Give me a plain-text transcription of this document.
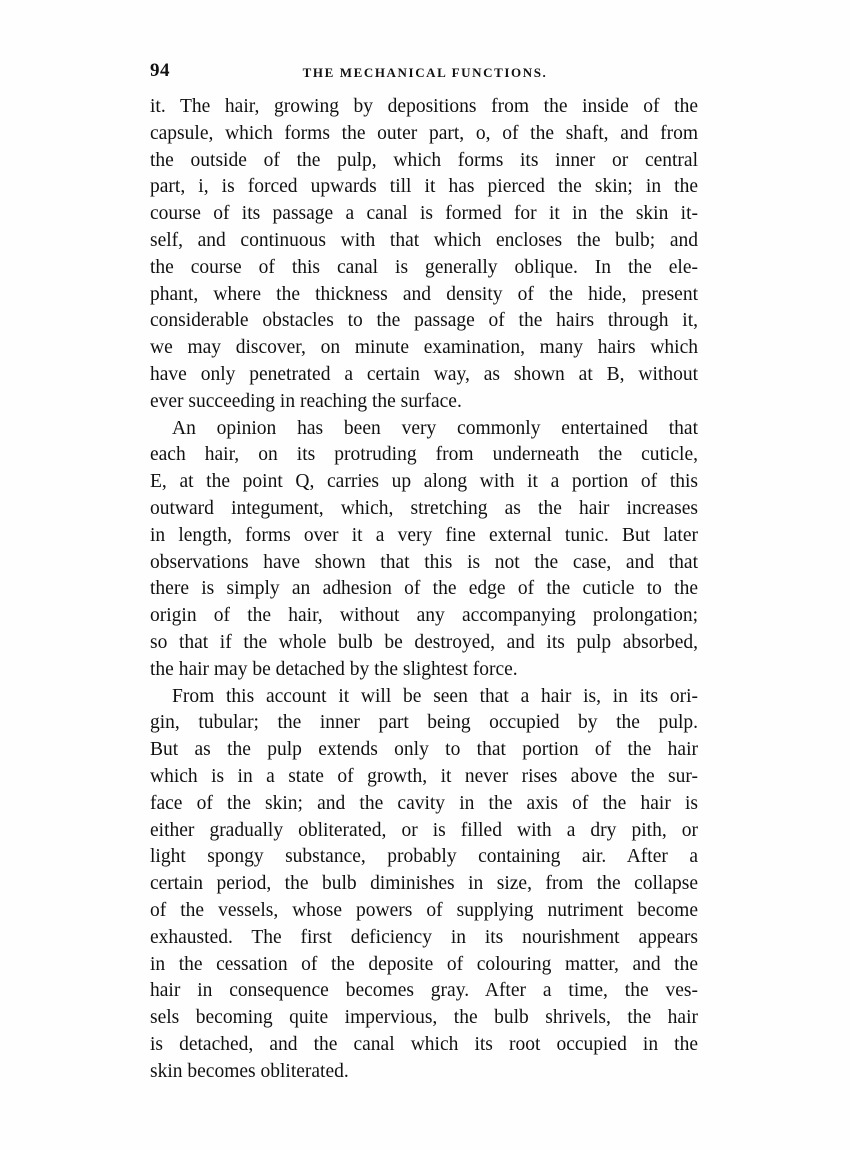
94	THE MECHANICAL FUNCTIONS.
it. The hair, growing by depositions from the inside of the
capsule, which forms the outer part, o, of the shaft, and from
the outside of the pulp, which forms its inner or central
part, i, is forced upwards till it has pierced the skin; in the
course of its passage a canal is formed for it in the skin it-
self, and continuous with that which encloses the bulb; and
the course of this canal is generally oblique. In the ele-
phant, where the thickness and density of the hide, present
considerable obstacles to the passage of the hairs through it,
we may discover, on minute examination, many hairs which
have only penetrated a certain way, as shown at B, without
ever succeeding in reaching the surface.
An opinion has been very commonly entertained that
each hair, on its protruding from underneath the cuticle,
E, at the point Q, carries up along with it a portion of this
outward integument, which, stretching as the hair increases
in length, forms over it a very fine external tunic. But later
observations have shown that this is not the case, and that
there is simply an adhesion of the edge of the cuticle to the
origin of the hair, without any accompanying prolongation;
so that if the whole bulb be destroyed, and its pulp absorbed,
the hair may be detached by the slightest force.
From this account it will be seen that a hair is, in its ori-
gin, tubular; the inner part being occupied by the pulp.
But as the pulp extends only to that portion of the hair
which is in a state of growth, it never rises above the sur-
face of the skin; and the cavity in the axis of the hair is
either gradually obliterated, or is filled with a dry pith, or
light spongy substance, probably containing air. After a
certain period, the bulb diminishes in size, from the collapse
of the vessels, whose powers of supplying nutriment become
exhausted. The first deficiency in its nourishment appears
in the cessation of the deposite of colouring matter, and the
hair in consequence becomes gray. After a time, the ves-
sels becoming quite impervious, the bulb shrivels, the hair
is detached, and the canal which its root occupied in the
skin becomes obliterated.
